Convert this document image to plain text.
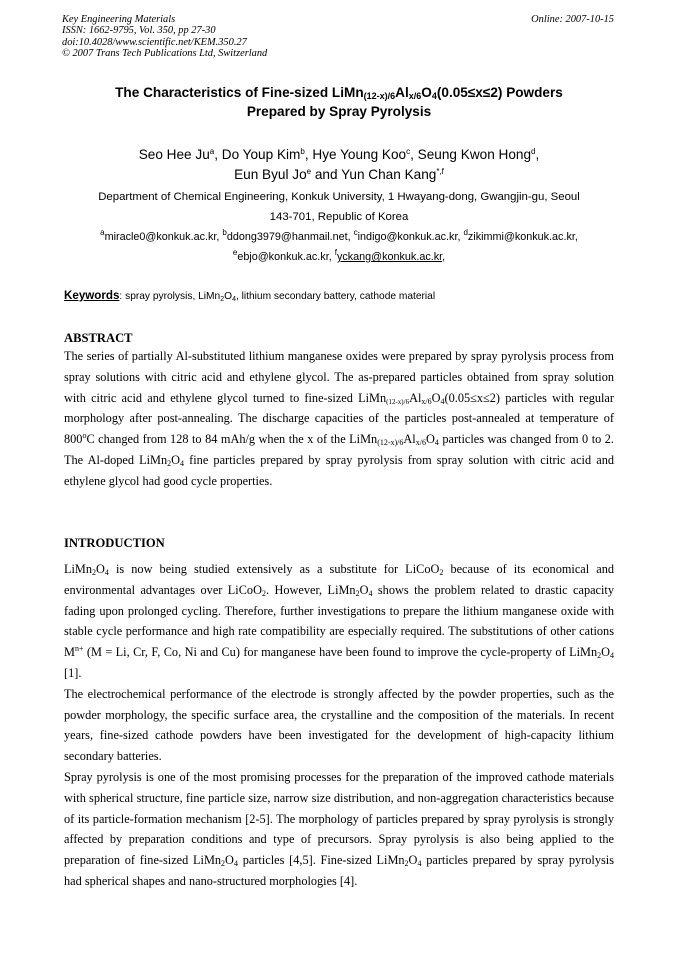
Key Engineering Materials
ISSN: 1662-9795, Vol. 350, pp 27-30
doi:10.4028/www.scientific.net/KEM.350.27
© 2007 Trans Tech Publications Ltd, Switzerland
Online: 2007-10-15
The Characteristics of Fine-sized $LiMn_{(12-x)/6}Al_{x/6}O_4(0.05\le x\le 2)$ Powders
Prepared by Spray Pyrolysis
Seo Hee Ju$^a$, Do Youp Kim$^b$, Hye Young Koo$^c$, Seung Kwon Hong$^d$,
Eun Byul Jo$^e$ and Yun Chan Kang$^{*,f}$
Department of Chemical Engineering, Konkuk University, 1 Hwayang-dong, Gwangjin-gu, Seoul
143-701, Republic of Korea
$^a$miracle0@konkuk.ac.kr, $^b$ddong3979@hanmail.net, $^c$indigo@konkuk.ac.kr, $^d$zikimmi@konkuk.ac.kr,
$^e$ebjo@konkuk.ac.kr, $^f$yckang@konkuk.ac.kr,
Keywords: spray pyrolysis, $LiMn_2O_4$, lithium secondary battery, cathode material
ABSTRACT
The series of partially Al-substituted lithium manganese oxides were prepared by spray pyrolysis process from spray solutions with citric acid and ethylene glycol. The as-prepared particles obtained from spray solution with citric acid and ethylene glycol turned to fine-sized $LiMn_{(12-x)/6}Al_{x/6}O_4(0.05\le x\le 2)$ particles with regular morphology after post-annealing. The discharge capacities of the particles post-annealed at temperature of 800$^o$C changed from 128 to 84 mAh/g when the x of the $LiMn_{(12-x)/6}Al_{x/6}O_4$ particles was changed from 0 to 2. The Al-doped $LiMn_2O_4$ fine particles prepared by spray pyrolysis from spray solution with citric acid and ethylene glycol had good cycle properties.
INTRODUCTION
$LiMn_2O_4$ is now being studied extensively as a substitute for LiCoO$_2$ because of its economical and environmental advantages over LiCoO$_2$. However, $LiMn_2O_4$ shows the problem related to drastic capacity fading upon prolonged cycling. Therefore, further investigations to prepare the lithium manganese oxide with stable cycle performance and high rate compatibility are especially required. The substitutions of other cations $M^{n+}$ (M = Li, Cr, F, Co, Ni and Cu) for manganese have been found to improve the cycle-property of $LiMn_2O_4$ [1].
The electrochemical performance of the electrode is strongly affected by the powder properties, such as the powder morphology, the specific surface area, the crystalline and the composition of the materials. In recent years, fine-sized cathode powders have been investigated for the development of high-capacity lithium secondary batteries.
Spray pyrolysis is one of the most promising processes for the preparation of the improved cathode materials with spherical structure, fine particle size, narrow size distribution, and non-aggregation characteristics because of its particle-formation mechanism [2-5]. The morphology of particles prepared by spray pyrolysis is strongly affected by preparation conditions and type of precursors. Spray pyrolysis is also being applied to the preparation of fine-sized $LiMn_2O_4$ particles [4,5]. Fine-sized $LiMn_2O_4$ particles prepared by spray pyrolysis had spherical shapes and nano-structured morphologies [4].
